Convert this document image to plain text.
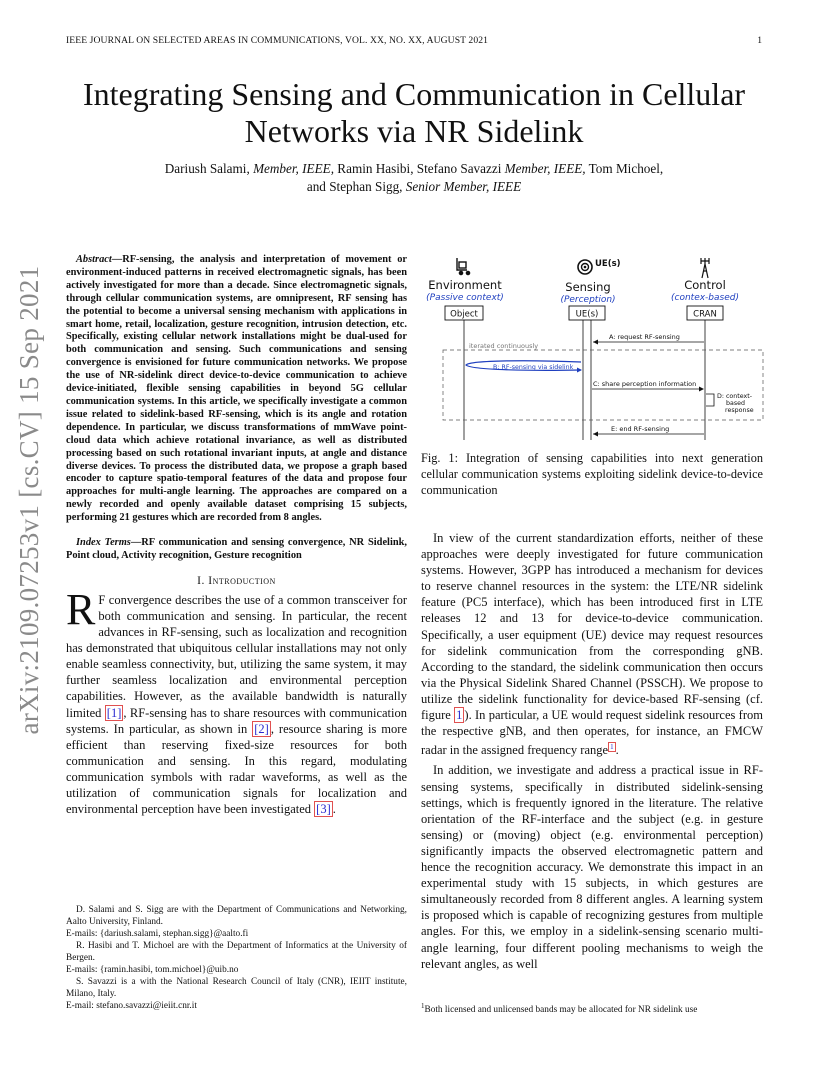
IEEE JOURNAL ON SELECTED AREAS IN COMMUNICATIONS, VOL. XX, NO. XX, AUGUST 2021	1
arXiv:2109.07253v1 [cs.CV] 15 Sep 2021
Integrating Sensing and Communication in Cellular Networks via NR Sidelink
Dariush Salami, Member, IEEE, Ramin Hasibi, Stefano Savazzi Member, IEEE, Tom Michoel,
and Stephan Sigg, Senior Member, IEEE

Abstract—RF-sensing, the analysis and interpretation of movement or environment-induced patterns in received electromagnetic signals, has been actively investigated for more than a decade. Since electromagnetic signals, through cellular communication systems, are omnipresent, RF sensing has the potential to become a universal sensing mechanism with applications in smart home, retail, localization, gesture recognition, intrusion detection, etc. Specifically, existing cellular network installations might be dual-used for both communication and sensing. Such communications and sensing convergence is envisioned for future communication networks. We propose the use of NR-sidelink direct device-to-device communication to achieve device-initiated, flexible sensing capabilities in beyond 5G cellular communication systems. In this article, we specifically investigate a common issue related to sidelink-based RF-sensing, which is its angle and rotation dependence. In particular, we discuss transformations of mmWave point-cloud data which achieve rotational invariance, as well as distributed processing based on such rotational invariant inputs, at angle and distance diverse devices. To process the distributed data, we propose a graph based encoder to capture spatio-temporal features of the data and propose four approaches for multi-angle learning. The approaches are compared on a newly recorded and openly available dataset comprising 15 subjects, performing 21 gestures which are recorded from 8 angles.

Index Terms—RF communication and sensing convergence, NR Sidelink, Point cloud, Activity recognition, Gesture recognition

I. Introduction

R F convergence describes the use of a common transceiver for both communication and sensing. In particular, the recent advances in RF-sensing, such as localization and recognition has demonstrated that ubiquitous cellular installations may not only enable seamless connectivity, but, utilizing the same system, it may further seamless localization and environmental perception capabilities. However, as the available bandwidth is naturally limited [1] , RF-sensing has to share resources with communication systems. In particular, as shown in [2] , resource sharing is more efficient than reserving fixed-size resources for both communication and sensing. In this regard, modulating communication symbols with radar waveforms, as well as the utilization of communication signals for localization and environmental perception have been investigated [3] .

D. Salami and S. Sigg are with the Department of Communications and Networking, Aalto University, Finland.

E-mails: {dariush.salami, stephan.sigg}@aalto.fi

R. Hasibi and T. Michoel are with the Department of Informatics at the University of Bergen.

E-mails: {ramin.hasibi, tom.michoel}@uib.no

S. Savazzi is a with the National Research Council of Italy (CNR), IEIIT institute, Milano, Italy.

E-mail: stefano.savazzi@ieiit.cnr.it

UE(s)
Environment
(Passive context)
Sensing
(Perception)
Control
(contex-based)
Object	UE(s)	CRAN
A: request RF-sensing
iterated continuously
B: RF-sensing via sidelink
C: share perception information
D: context-
based
response
E: end RF-sensing
Fig. 1: Integration of sensing capabilities into next generation cellular communication systems exploiting sidelink device-to-device communication

In view of the current standardization efforts, neither of these approaches were deeply investigated for future communication systems. However, 3GPP has introduced a mechanism for devices to reserve channel resources in the system: the LTE/NR sidelink feature (PC5 interface), which has been introduced first in LTE releases 12 and 13 for device-to-device communication. Specifically, a user equipment (UE) device may request resources for sidelink communication from the corresponding gNB. According to the standard, the sidelink communication then occurs via the Physical Sidelink Shared Channel (PSSCH). We propose to utilize the sidelink functionality for device-based RF-sensing (cf. figure 1 ). In particular, a UE would request sidelink resources from the respective gNB, and then operates, for instance, an FMCW radar in the assigned frequency range $^1$ .

In addition, we investigate and address a practical issue in RF-sensing systems, specifically in distributed sidelink-sensing settings, which is frequently ignored in the literature. The relative orientation of the RF-interface and the subject (e.g. in gesture sensing) or (moving) object (e.g. environmental perception) significantly impacts the observed electromagnetic pattern and hence the recognition accuracy. We demonstrate this impact in an experimental study with 15 subjects, in which gestures are simultaneously recorded from 8 different angles. A learning system is proposed which is capable of recognizing gestures from multiple angles. For this, we employ in a sidelink-sensing scenario multi-angle learning, four different pooling mechanisms to weigh the relevant angles, as well

$^1$Both licensed and unlicensed bands may be allocated for NR sidelink use
